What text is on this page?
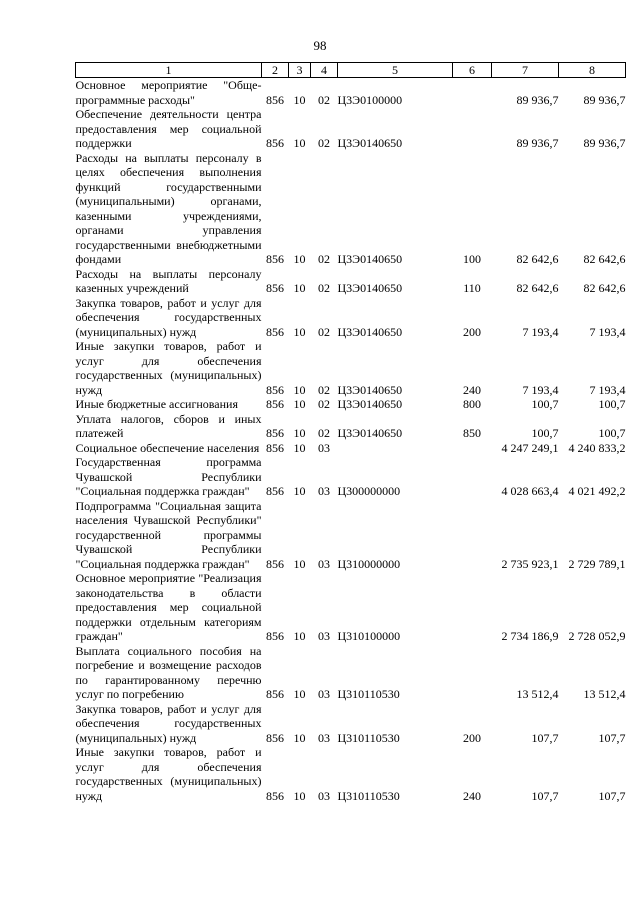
98
1	2	3	4	5	6	7	8
Основное мероприятие "Обще-программные расходы"	856	10	02	Ц3Э0100000		89 936,7	89 936,7
Обеспечение деятельности центра предоставления мер социальной поддержки	856	10	02	Ц3Э0140650		89 936,7	89 936,7
Расходы на выплаты персоналу в целях обеспечения выполнения функций государственными (муниципальными) органами, казенными учреждениями, органами управления государственными внебюджетными фондами	856	10	02	Ц3Э0140650	100	82 642,6	82 642,6
Расходы на выплаты персоналу казенных учреждений	856	10	02	Ц3Э0140650	110	82 642,6	82 642,6
Закупка товаров, работ и услуг для обеспечения государственных (муниципальных) нужд	856	10	02	Ц3Э0140650	200	7 193,4	7 193,4
Иные закупки товаров, работ и услуг для обеспечения государственных (муниципальных) нужд	856	10	02	Ц3Э0140650	240	7 193,4	7 193,4
Иные бюджетные ассигнования	856	10	02	Ц3Э0140650	800	100,7	100,7
Уплата налогов, сборов и иных платежей	856	10	02	Ц3Э0140650	850	100,7	100,7
Социальное обеспечение населения	856	10	03			4 247 249,1	4 240 833,2
Государственная программа Чувашской Республики "Социальная поддержка граждан"	856	10	03	Ц300000000		4 028 663,4	4 021 492,2
Подпрограмма "Социальная защита населения Чувашской Республики" государственной программы Чувашской Республики "Социальная поддержка граждан"	856	10	03	Ц310000000		2 735 923,1	2 729 789,1
Основное мероприятие "Реализация законодательства в области предоставления мер социальной поддержки отдельным категориям граждан"	856	10	03	Ц310100000		2 734 186,9	2 728 052,9
Выплата социального пособия на погребение и возмещение расходов по гарантированному перечню услуг по погребению	856	10	03	Ц310110530		13 512,4	13 512,4
Закупка товаров, работ и услуг для обеспечения государственных (муниципальных) нужд	856	10	03	Ц310110530	200	107,7	107,7
Иные закупки товаров, работ и услуг для обеспечения государственных (муниципальных) нужд	856	10	03	Ц310110530	240	107,7	107,7
